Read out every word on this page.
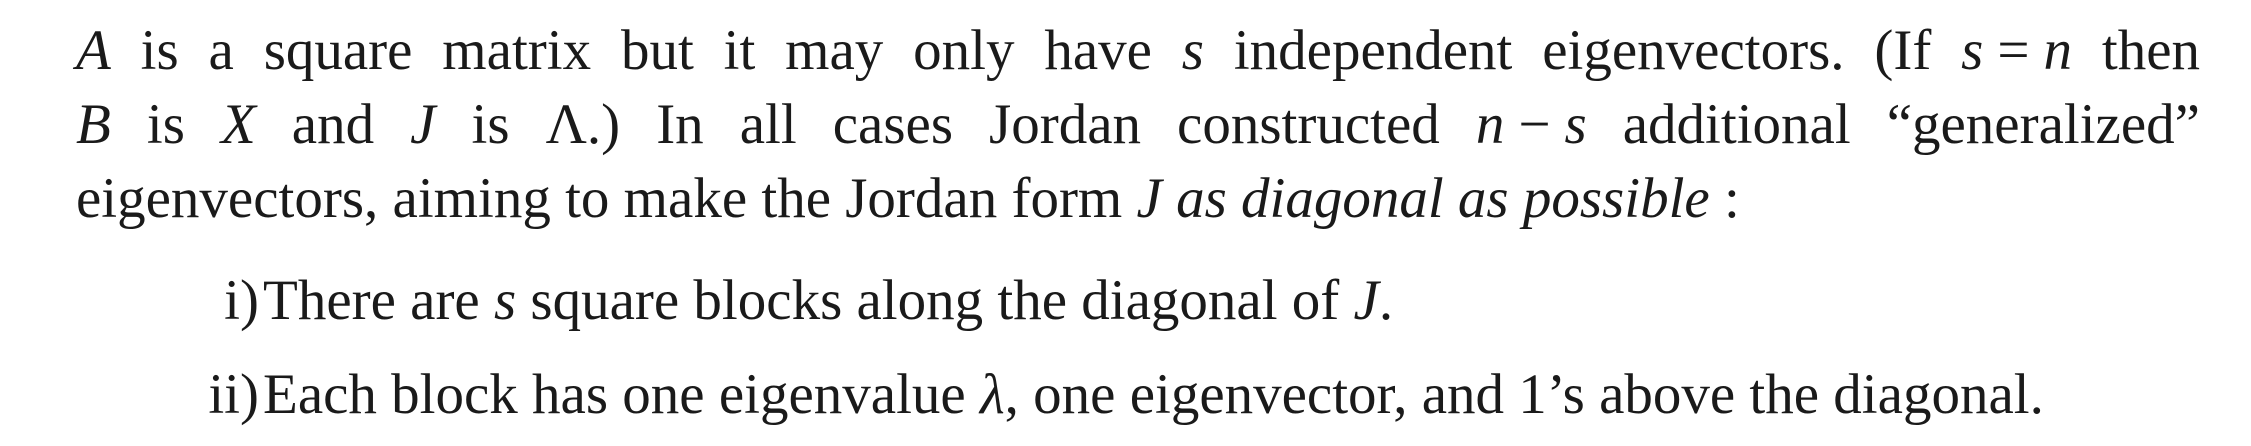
A is a square matrix but it may only have s independent eigenvectors. (If s = n then
B is X and J is Λ.) In all cases Jordan constructed n − s additional “generalized”
eigenvectors, aiming to make the Jordan form J as diagonal as possible :
i) There are s square blocks along the diagonal of J.
ii) Each block has one eigenvalue λ, one eigenvector, and 1’s above the diagonal.
